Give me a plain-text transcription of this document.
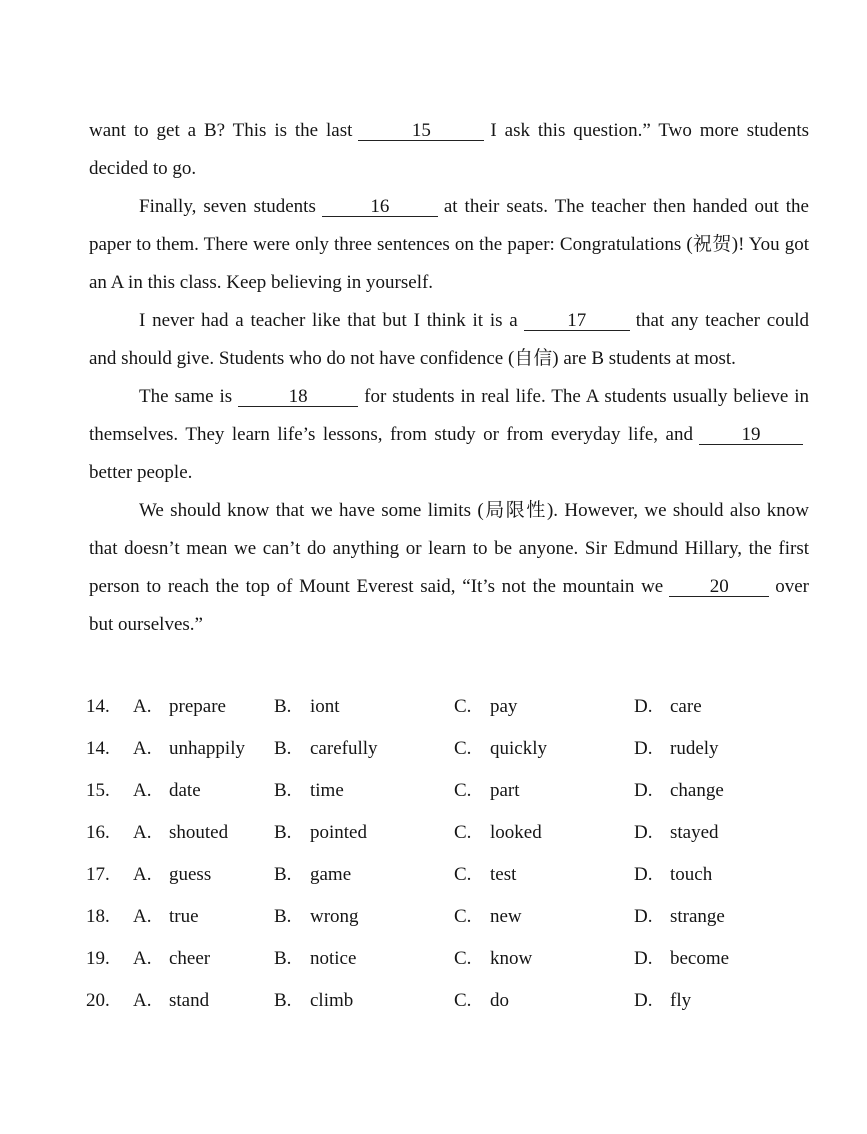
want to get a B? This is the last	15	I ask this question.” Two more students decided to go.

Finally, seven students	16	at their seats. The teacher then handed out the paper to them. There were only three sentences on the paper: Congratulations (祝贺)! You got an A in this class. Keep believing in yourself.

I never had a teacher like that but I think it is a	17	that any teacher could and should give. Students who do not have confidence (自信) are B students at most.

The same is	18	for students in real life. The A students usually believe in themselves. They learn life’s lessons, from study or from everyday life, and	19better people.

We should know that we have some limits (局限性). However, we should also know that doesn’t mean we can’t do anything or learn to be anyone. Sir Edmund Hillary, the first person to reach the top of Mount Everest said, “It’s not the mountain we 20 over but ourselves.”

14. A. prepare	B. iont	C. pay	D. care
14. A. unhappily B. carefully	C. quickly	D. rudely
15. A. date	B. time	C. part	D. change
16. A. shouted B. pointed	C. looked	D. stayed
17. A. guess	B. game	C. test	D. touch
18. A. true	B. wrong	C. new	D. strange
19. A. cheer	B. notice	C. know	D. become
20. A. stand	B. climb	C. do	D. fly
